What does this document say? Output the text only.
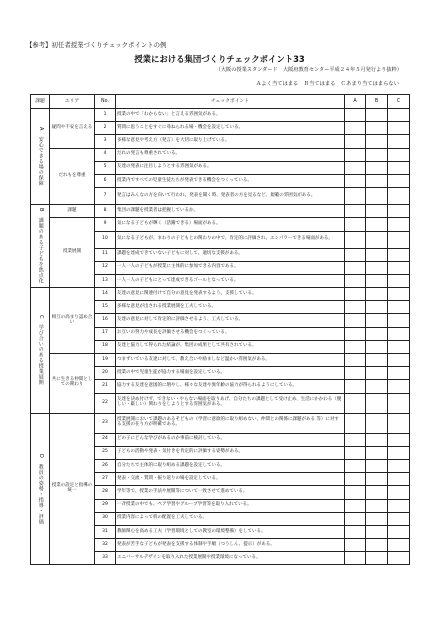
【参考】初任者授業づくりチェックポイントの例
授業における集団づくりチェックポイント33
（大阪の授業スタンダード　大阪府教育センター平成２４年５月発行より抜粋）
Ａよく当てはまる　Ｂ当てはまる　Ｃあまり当てはまらない
課題	エリア	No.	チェックポイント	A	B	C

A　安心できる場の保障	疑問や不安を言える	1	授業の中で「わからない」と言える雰囲気がある。			
		2	質問に思うことをすぐに尋ねられる場・機会を設定している。			
		3	多様な意見や考え方（発言）を大切に取り上げている。			
	だれもを尊重	4	だれの発言も尊重されている。			
		5	友達の発表に注目しようとする雰囲気がある。			
		6	授業内ですべての児童生徒たちが発表できる機会をつくっている。			
		7	発言はみんなの方を向いて行われ、発表を聞く時、発表者の方を見るなど、規範の雰囲気がある。			

B　課題のある子どもを焦点化	課題	8	集団の課題を授業者は把握しているか。			
	授業展開	9	気になる子どもが輝く（活躍できる）場面がある。			
		10	気になる子どもが、まわりの子どもとの関わりの中で、肯定的に評価され、エンパワーできる場面がある。			
		11	課題を達成できていない子どもに対して、適切な支援がある。			
		12	一人一人の子どもが授業に主体的に参加できる内容である。			
		13	一人一人の子どもにとって達成できるゴールとなっている。			

C　学び合いのある授業展開	相互の高まり認め合い	14	友達の意見に関連付けて自分の意見を発表するよう、支援している。			
		15	多様な意見が出される授業展開を工夫している。			
		16	友達の意見に対して肯定的に評価させるよう、工夫している。			
		17	お互いの努力や成長を評価させる機会をつくっている。			
		18	友達と協力して得られた結論が、集団の成果として共有されている。			
	共に生きる仲間としての関わり	19	つまずいている友達に対して、教え合いや励ましなど温かい雰囲気がある。			
		20	授業の中で児童生徒が協力する場面を設定している。			
		21	協力する友達を意図的に増やし、様々な友達や異年齢の協力が得られるようにしている。			
		22	友達を決め付けず、できない・やらない場面を取りあげ、自分たちの課題として受け止め、生活にかかわる（優しい・厳しい）関わりをしようとする雰囲気がある。			

D　教員の姿勢・指導・評価	授業の設定と指導の統一	23	授業展開において課題のあるそどもの（学習に意欲的に取り組めない、仲間との関係に課題がある 等）に対する支援の在り方が明確である。			
		24	どの子にどんな学びがあるのか事前に検討している。			
		25	子どもの活動や発表・気付きを肯定的に評価する姿勢がある。			
		26	自分たちで主体的に取り組める課題を設定している。			
		27	発表・交流・質問・振り返りの場を設定している。			
		28	学年等で、授業の手法や展開等について一致させて進めている。			
		29	一斉授業の中でも、ペア学習やグループ学習等を取り入れている。			
		30	授業内容によって机の配置を工夫している。			
		31	教師関心を高める工夫（学習環境としての教室の環境整備）をしている。			
		32	発表が苦手な子どもが発表を支援する体制や手順（つうしん、提示）がある。			
		33	ユニバーサルデザインを取り入れた授業展開や授業環境になっている。			
